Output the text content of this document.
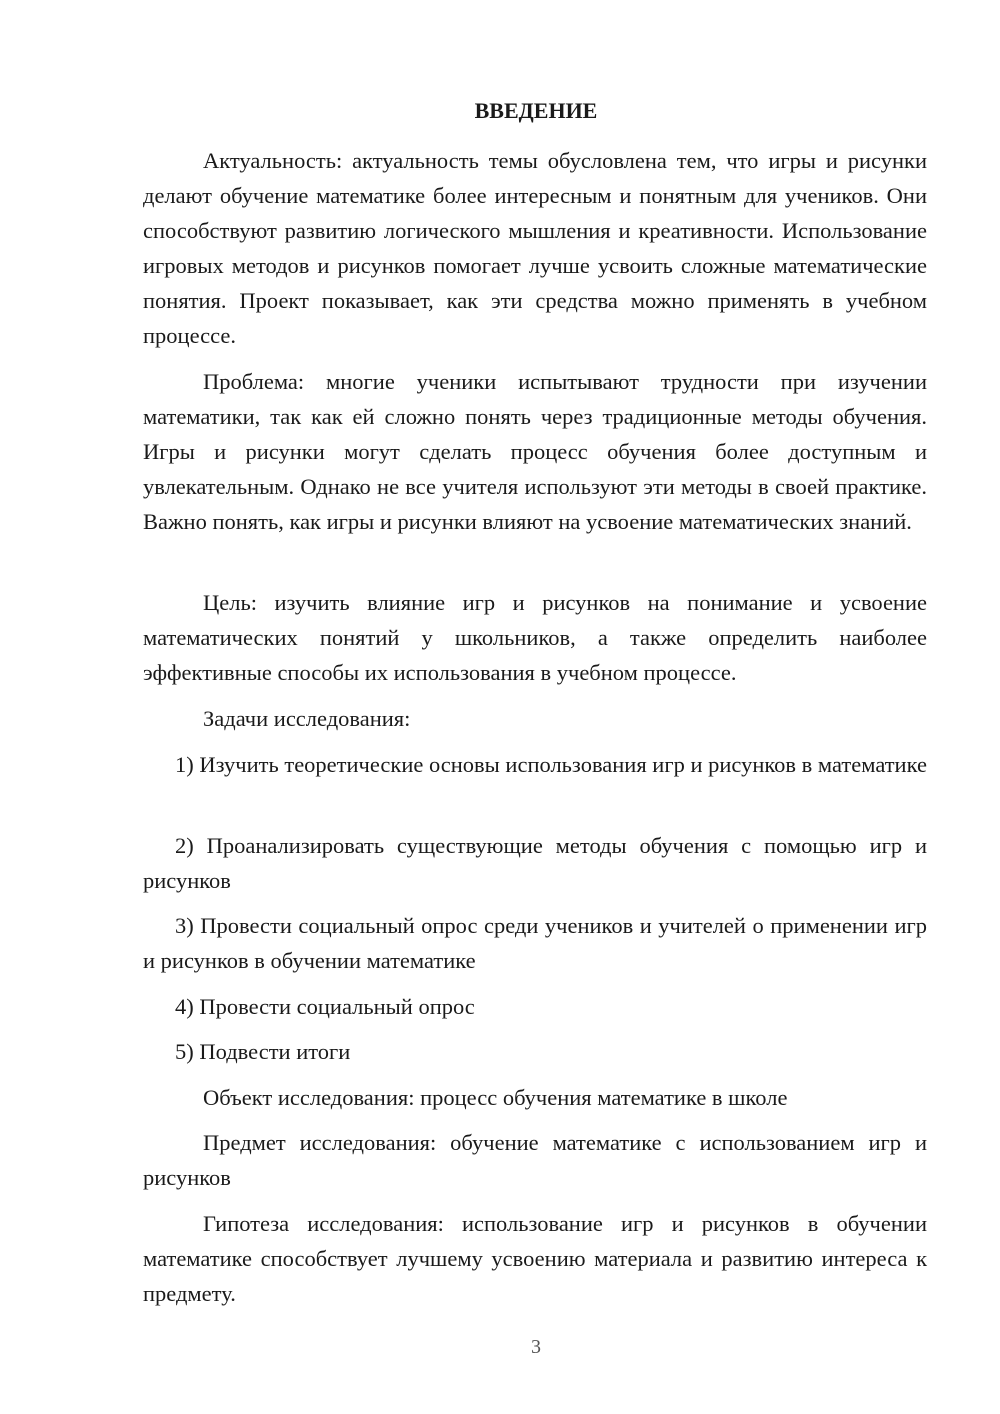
ВВЕДЕНИЕ

Актуальность: актуальность темы обусловлена тем, что игры и рисунки делают обучение математике более интересным и понятным для учеников. Они способствуют развитию логического мышления и креативности. Использование игровых методов и рисунков помогает лучше усвоить сложные математические понятия. Проект показывает, как эти средства можно применять в учебном процессе.

Проблема: многие ученики испытывают трудности при изучении математики, так как ей сложно понять через традиционные методы обучения. Игры и рисунки могут сделать процесс обучения более доступным и увлекательным. Однако не все учителя используют эти методы в своей практике. Важно понять, как игры и рисунки влияют на усвоение математических знаний.

Цель: изучить влияние игр и рисунков на понимание и усвоение математических понятий у школьников, а также определить наиболее эффективные способы их использования в учебном процессе.

Задачи исследования:

1) Изучить теоретические основы использования игр и рисунков в математике

2) Проанализировать существующие методы обучения с помощью игр и рисунков

3) Провести социальный опрос среди учеников и учителей о применении игр и рисунков в обучении математике

4) Провести социальный опрос

5) Подвести итоги

Объект исследования: процесс обучения математике в школе

Предмет исследования: обучение математике с использованием игр и рисунков

Гипотеза исследования: использование игр и рисунков в обучении математике способствует лучшему усвоению материала и развитию интереса к предмету.

3
